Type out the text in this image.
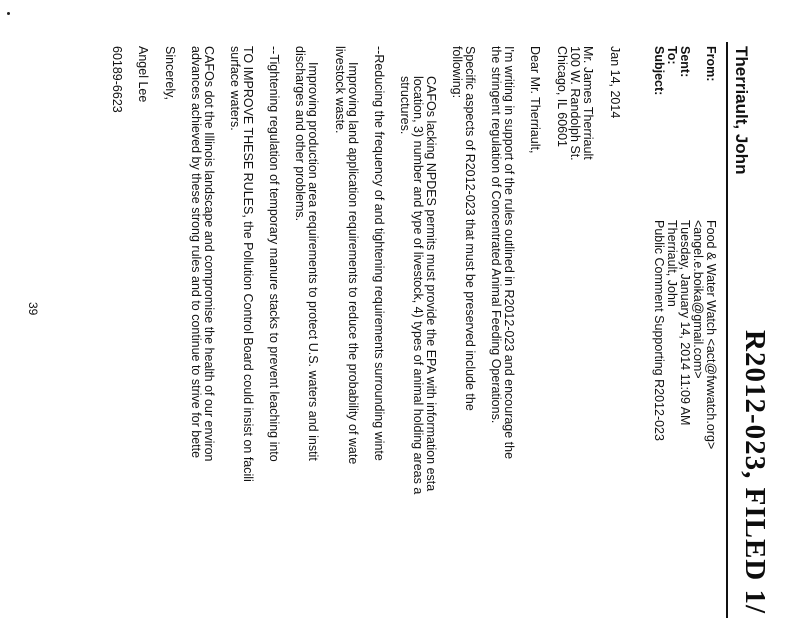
R2012-023, FILED 1/
Therriault, John
From:
Food & Water Watch <act@fwwatch.org>
<angel.e.boika@gmail.com>
Sent:
Tuesday, January 14, 2014 11:09 AM
To:
Therriault, John
Subject:
Public Comment Supporting R2012-023
Jan 14, 2014
Mr. James Therriault
100 W. Randolph St.
Chicago, IL 60601
Dear Mr. Therriault,
I'm writing in support of the rules outlined in R2012-023 and encourage the
the stringent regulation of Concentrated Animal Feeding Operations.
Specific aspects of R2012-023 that must be preserved include the
following:
CAFOs lacking NPDES permits must provide the EPA with information esta
location, 3) number and type of livestock, 4) types of animal holding areas a
structures.
--Reducing the frequency of and tightening requirements surrounding winte
Improving land application requirements to reduce the probability of wate
livestock waste.
Improving production area requirements to protect U.S. waters and instit
discharges and other problems.
--Tightening regulation of temporary manure stacks to prevent leaching into
TO IMPROVE THESE RULES, the Pollution Control Board could insist on facili
surface waters.
CAFOs dot the Illinois landscape and compromise the health of our environ
advances achieved by these strong rules and to continue to strive for bette
Sincerely,
Angel Lee
60189-6623
39
